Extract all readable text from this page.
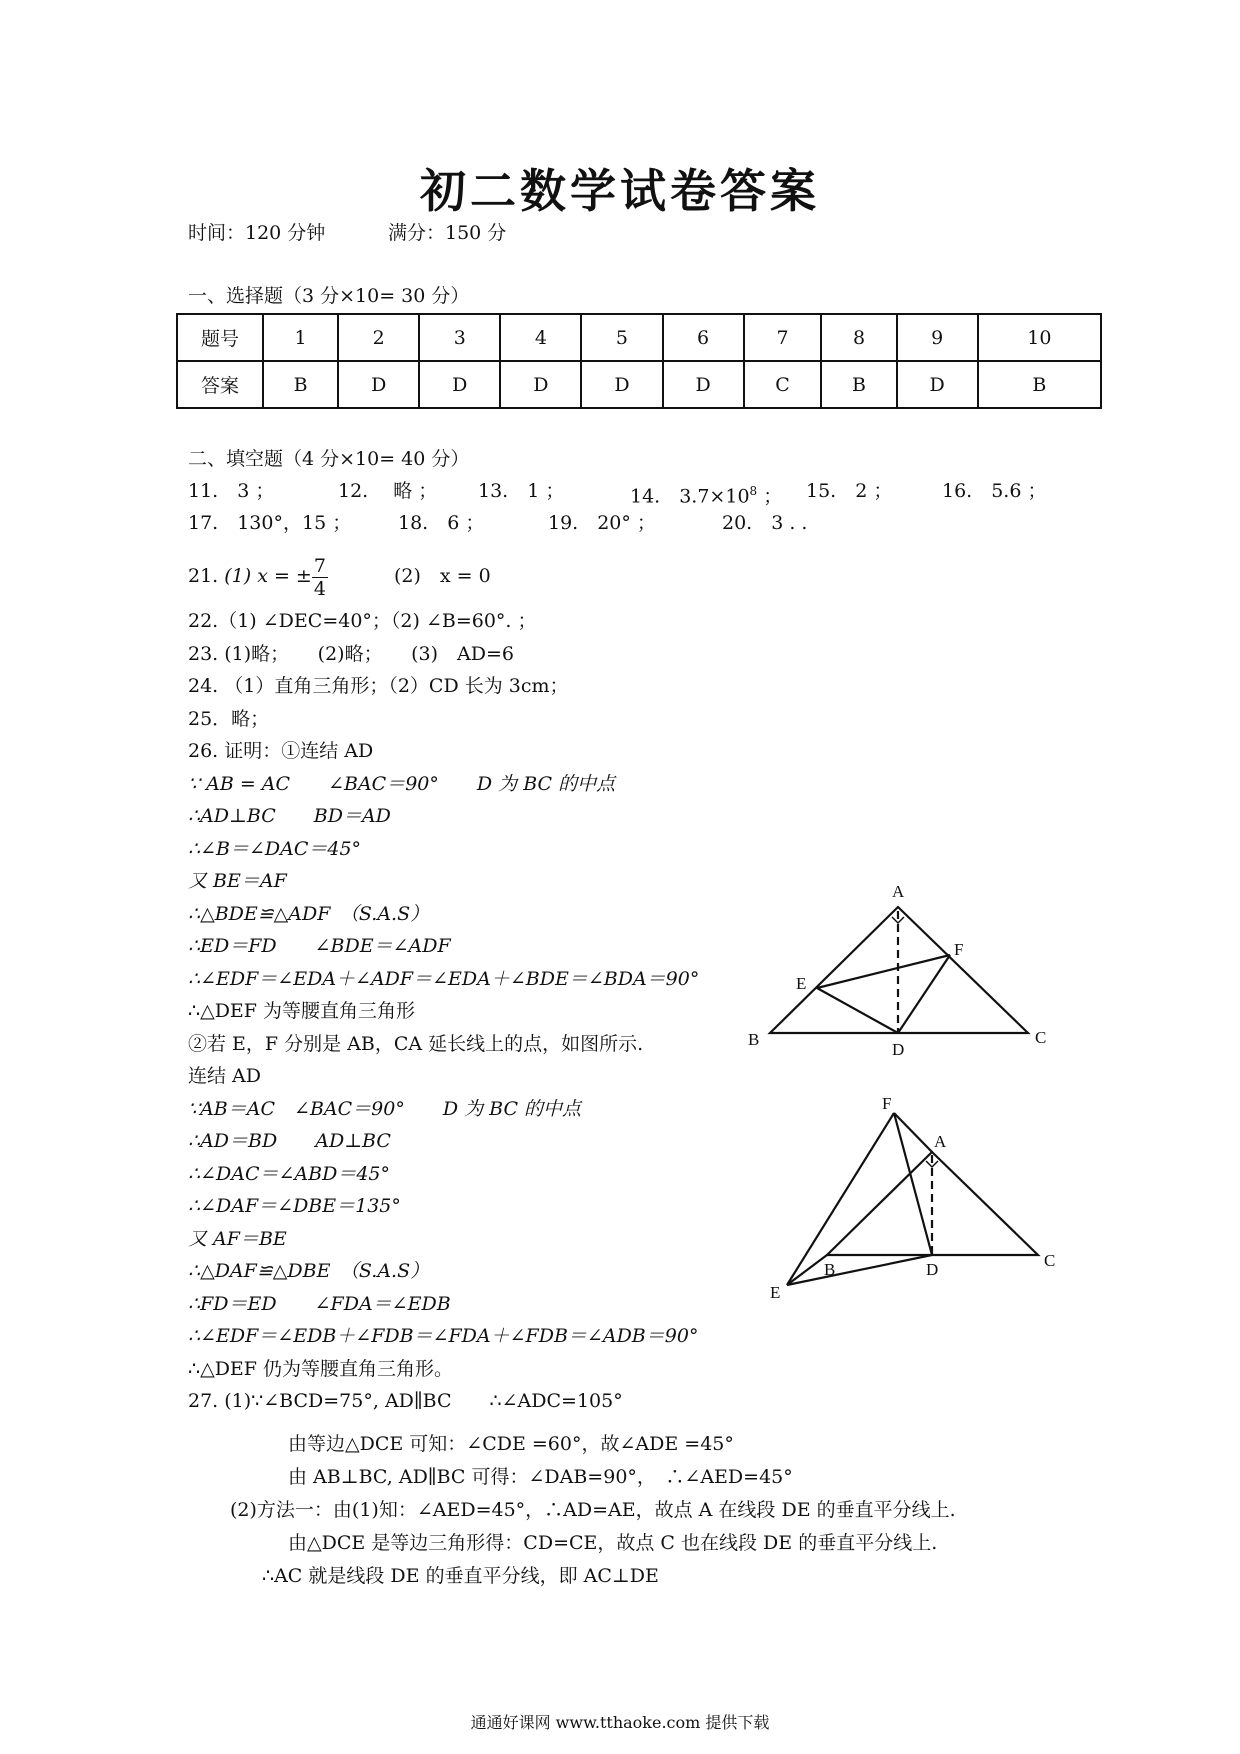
初二数学试卷答案
时间：120 分钟	满分：150 分
一、选择题（3 分×10= 30 分）
题号	1	2	3	4	5	6	7	8	9	10
答案	B	D	D	D	D	D	C	B	D	B
二、填空题（4 分×10= 40 分）
11.　3 ；	12.　 略 ； 13.　1 ；	14.　$3.7\times 10^8$ ； 15.　2 ；	16.　5.6 ；
17.　130°，15 ； 18.　6 ；	19.　20° ；	20.　3 . .
21. (1) x = ± $\frac{7}{4}$	(2)　x = 0
22.（1) ∠DEC=40°；（2) ∠B=60°. ；
23. (1)略；　　(2)略；　　(3)　AD=6
24. （1）直角三角形；（2）CD 长为 3cm；
25．略；
26. 证明：①连结 AD
∵ AB = AC　　∠BAC＝90°　　D 为 BC 的中点
∴AD⊥BC　　BD＝AD
∴∠B＝∠DAC＝45°
又 BE＝AF
∴△BDE≌△ADF　（S.A.S）
∴ED＝FD　　∠BDE＝∠ADF
∴∠EDF＝∠EDA＋∠ADF＝∠EDA＋∠BDE＝∠BDA＝90°
∴△DEF 为等腰直角三角形
②若 E，F 分别是 AB，CA 延长线上的点，如图所示.
连结 AD
∵AB＝AC　∠BAC＝90°　　D 为 BC 的中点
∴AD＝BD　　AD⊥BC
∴∠DAC＝∠ABD＝45°
∴∠DAF＝∠DBE＝135°
又 AF＝BE
∴△DAF≌△DBE　（S.A.S）
∴FD＝ED　　∠FDA＝∠EDB
∴∠EDF＝∠EDB＋∠FDB＝∠FDA＋∠FDB＝∠ADB＝90°
∴△DEF 仍为等腰直角三角形。
27. (1)∵∠BCD=75°, AD∥BC　　∴∠ADC=105°
由等边△DCE 可知：∠CDE =60°，故∠ADE =45°
由 AB⊥BC, AD∥BC 可得：∠DAB=90°，　∴∠AED=45°
(2)方法一：由(1)知：∠AED=45°，∴AD=AE，故点 A 在线段 DE 的垂直平分线上.
由△DCE 是等边三角形得：CD=CE，故点 C 也在线段 DE 的垂直平分线上.
∴AC 就是线段 DE 的垂直平分线，即 AC⊥DE
A
F
E
B
D
C
F
A
B	D	C
E
通通好课网 www.tthaoke.com 提供下载
